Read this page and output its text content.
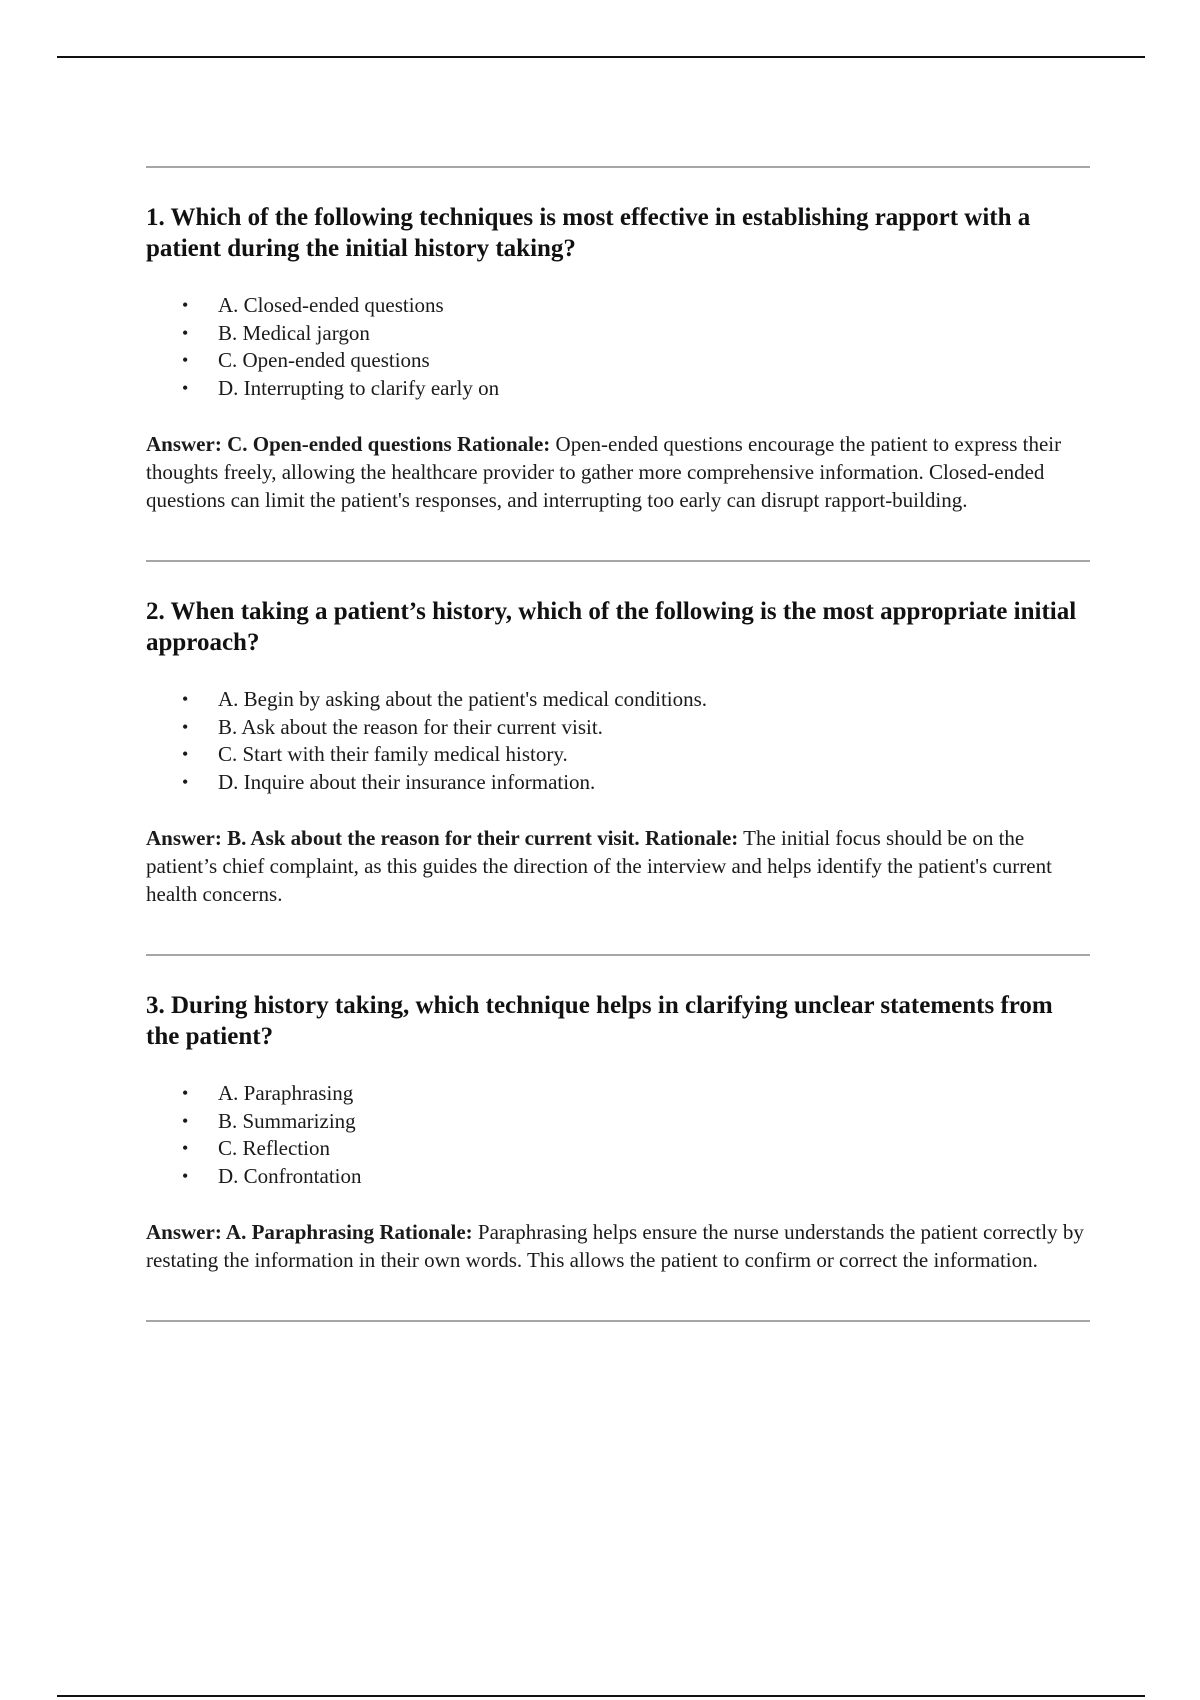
1. Which of the following techniques is most effective in establishing rapport with a patient during the initial history taking?
• A. Closed-ended questions
• B. Medical jargon
• C. Open-ended questions
• D. Interrupting to clarify early on

Answer: C. Open-ended questions Rationale: Open-ended questions encourage the patient to express their thoughts freely, allowing the healthcare provider to gather more comprehensive information. Closed-ended questions can limit the patient's responses, and interrupting too early can disrupt rapport-building.

2. When taking a patient’s history, which of the following is the most appropriate initial approach?
• A. Begin by asking about the patient's medical conditions.
• B. Ask about the reason for their current visit.
• C. Start with their family medical history.
• D. Inquire about their insurance information.

Answer: B. Ask about the reason for their current visit. Rationale: The initial focus should be on the patient’s chief complaint, as this guides the direction of the interview and helps identify the patient's current health concerns.

3. During history taking, which technique helps in clarifying unclear statements from the patient?
• A. Paraphrasing
• B. Summarizing
• C. Reflection
• D. Confrontation

Answer: A. Paraphrasing Rationale: Paraphrasing helps ensure the nurse understands the patient correctly by restating the information in their own words. This allows the patient to confirm or correct the information.
